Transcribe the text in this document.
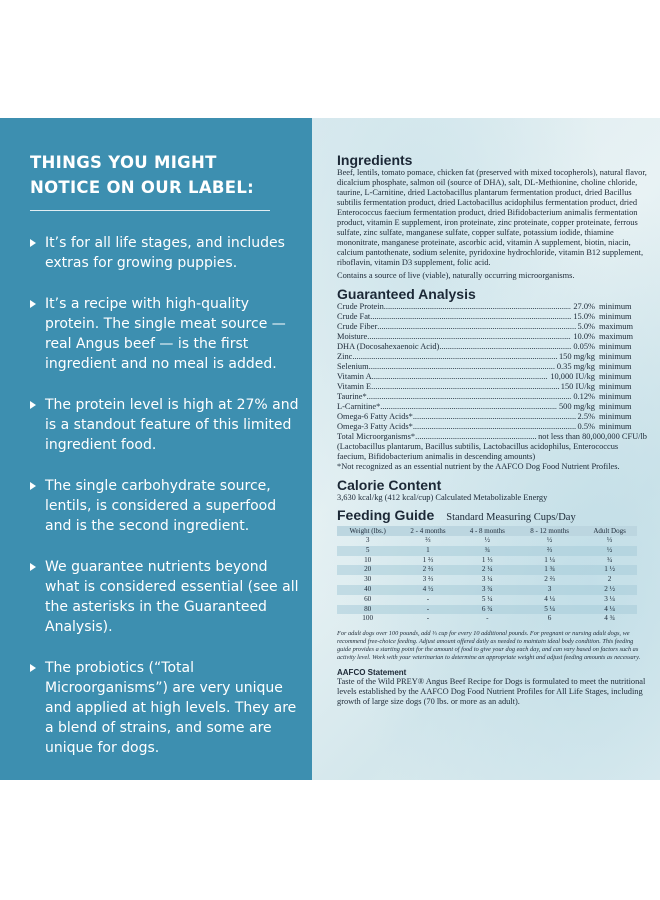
THINGS YOU MIGHT NOTICE ON OUR LABEL:
It’s for all life stages, and includes extras for growing puppies.
It’s a recipe with high-quality protein. The single meat source — real Angus beef — is the first ingredient and no meal is added.
The protein level is high at 27% and is a standout feature of this limited ingredient food.
The single carbohydrate source, lentils, is considered a superfood and is the second ingredient.
We guarantee nutrients beyond what is considered essential (see all the asterisks in the Guaranteed Analysis).
The probiotics (“Total Microorganisms”) are very unique and applied at high levels. They are a blend of strains, and some are unique for dogs.
Ingredients

Beef, lentils, tomato pomace, chicken fat (preserved with mixed tocopherols), natural flavor, dicalcium phosphate, salmon oil (source of DHA), salt, DL-Methionine, choline chloride, taurine, L-Carnitine, dried Lactobacillus plantarum fermentation product, dried Bacillus subtilis fermentation product, dried Lactobacillus acidophilus fermentation product, dried Enterococcus faecium fermentation product, dried Bifidobacterium animalis fermentation product, vitamin E supplement, iron proteinate, zinc proteinate, copper proteinate, ferrous sulfate, zinc sulfate, manganese sulfate, copper sulfate, potassium iodide, thiamine mononitrate, manganese proteinate, ascorbic acid, vitamin A supplement, biotin, niacin, calcium pantothenate, sodium selenite, pyridoxine hydrochloride, vitamin B12 supplement, riboflavin, vitamin D3 supplement, folic acid.

Contains a source of live (viable), naturally occurring microorganisms.

Guaranteed Analysis
Crude Protein .....	27.0% minimum
Crude Fat .....	15.0% minimum
Crude Fiber .....	5.0% maximum
Moisture .....	10.0% maximum
DHA (Docosahexaenoic Acid) .....	0.05% minimum
Zinc .....	150 mg/kg minimum
Selenium .....	0.35 mg/kg minimum
Vitamin A .....	10,000 IU/kg minimum
Vitamin E .....	150 IU/kg minimum
Taurine* .....	0.12% minimum
L-Carnitine* .....	500 mg/kg minimum
Omega-6 Fatty Acids* .....	2.5% minimum
Omega-3 Fatty Acids* .....	0.5% minimum
Total Microorganisms* .....	not less than 80,000,000 CFU/lb

(Lactobacillus plantarum, Bacillus subtilis, Lactobacillus acidophilus, Enterococcus faecium, Bifidobacterium animalis in descending amounts)

*Not recognized as an essential nutrient by the AAFCO Dog Food Nutrient Profiles.

Calorie Content

3,630 kcal/kg (412 kcal/cup) Calculated Metabolizable Energy

Feeding Guide Standard Measuring Cups/Day
Weight (lbs.)	2 - 4 months	4 - 8 months	8 - 12 months	Adult Dogs
3	⅔	½	½	⅓
5	1	¾	⅔	½
10	1 ⅔	1 ⅓	1 ¼	¾
20	2 ⅔	2 ¼	1 ¾	1 ½
30	3 ⅔	3 ¼	2 ⅔	2
40	4 ½	3 ¾	3	2 ½
60	-	5 ¼	4 ¼	3 ¼
80	-	6 ¾	5 ¼	4 ¼
100	-	-	6	4 ¾

For adult dogs over 100 pounds, add ⅓ cup for every 10 additional pounds. For pregnant or nursing adult dogs, we recommend free-choice feeding. Adjust amount offered daily as needed to maintain ideal body condition. This feeding guide provides a starting point for the amount of food to give your dog each day, and can vary based on factors such as activity level. Work with your veterinarian to determine an appropriate weight and adjust feeding amounts as necessary.

AAFCO Statement

Taste of the Wild PREY® Angus Beef Recipe for Dogs is formulated to meet the nutritional levels established by the AAFCO Dog Food Nutrient Profiles for All Life Stages, including growth of large size dogs (70 lbs. or more as an adult).
